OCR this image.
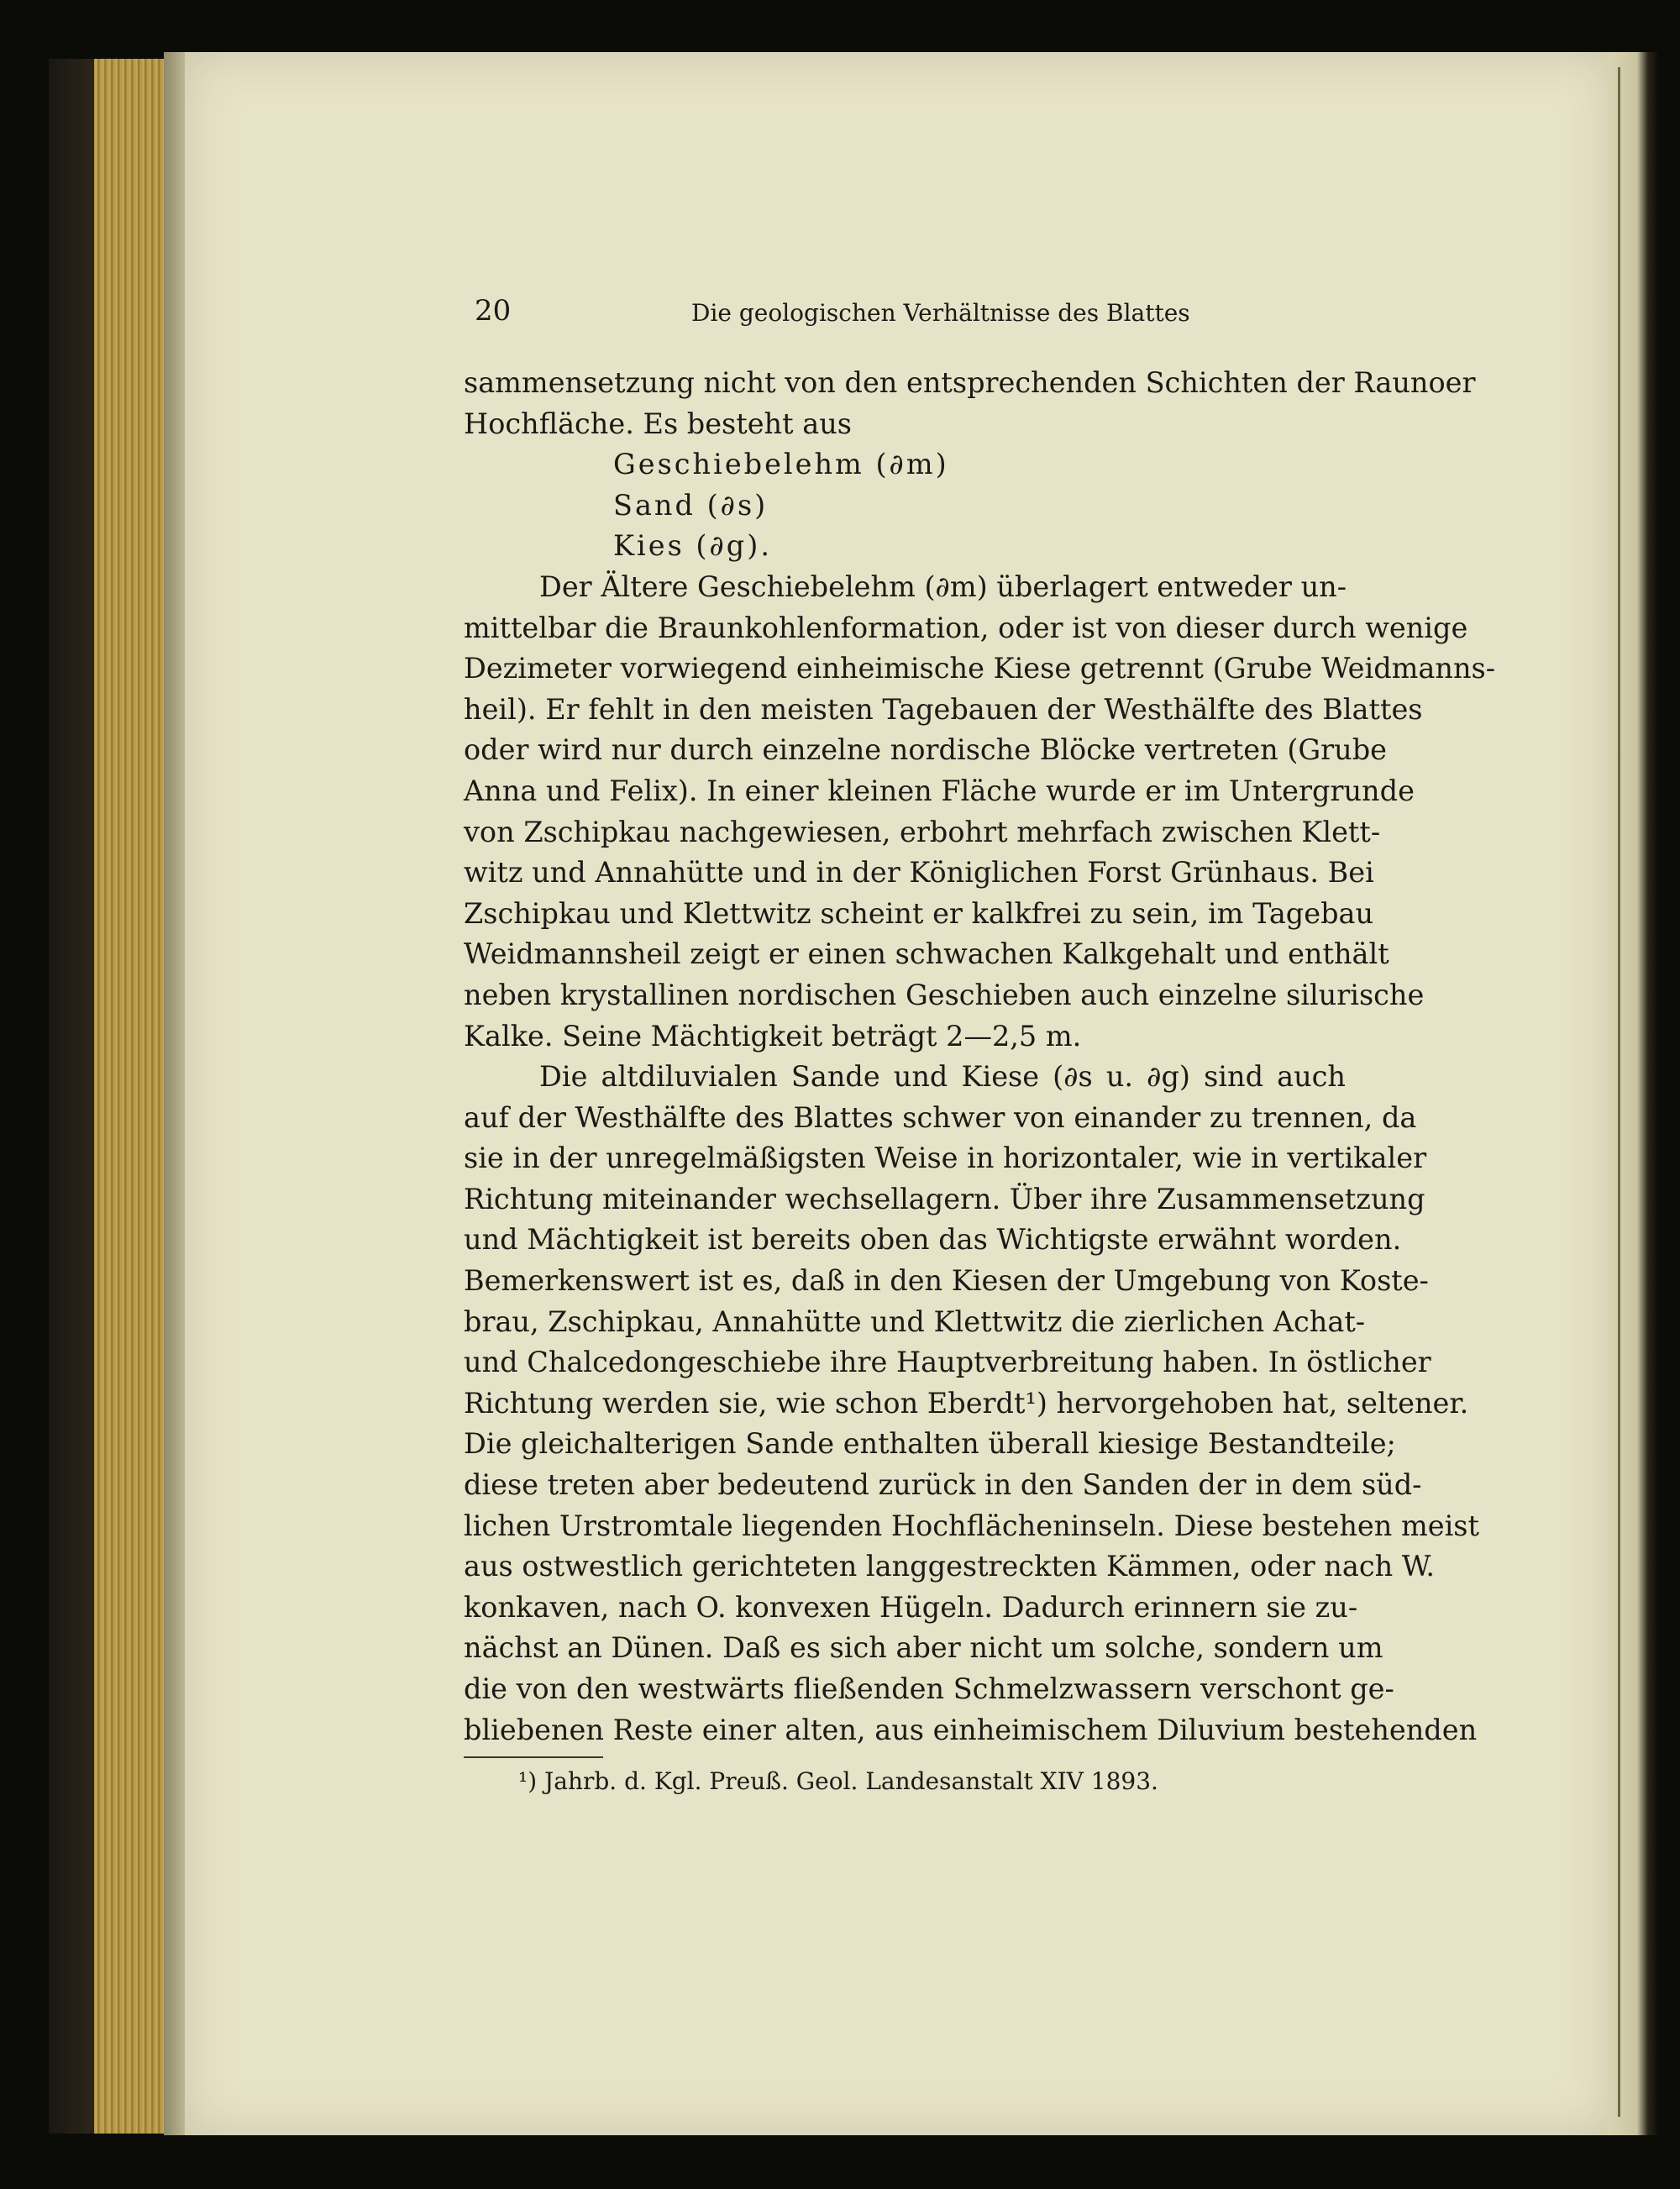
20	Die geologischen Verhältnisse des Blattes
sammensetzung nicht von den entsprechenden Schichten der Raunoer
Hochfläche. Es besteht aus
Geschiebelehm (∂m)
Sand (∂s)
Kies (∂g).
Der Ältere Geschiebelehm (∂m) überlagert entweder un-
mittelbar die Braunkohlenformation, oder ist von dieser durch wenige
Dezimeter vorwiegend einheimische Kiese getrennt (Grube Weidmanns-
heil). Er fehlt in den meisten Tagebauen der Westhälfte des Blattes
oder wird nur durch einzelne nordische Blöcke vertreten (Grube
Anna und Felix). In einer kleinen Fläche wurde er im Untergrunde
von Zschipkau nachgewiesen, erbohrt mehrfach zwischen Klett-
witz und Annahütte und in der Königlichen Forst Grünhaus. Bei
Zschipkau und Klettwitz scheint er kalkfrei zu sein, im Tagebau
Weidmannsheil zeigt er einen schwachen Kalkgehalt und enthält
neben krystallinen nordischen Geschieben auch einzelne silurische
Kalke. Seine Mächtigkeit beträgt 2—2,5 m.
Die altdiluvialen Sande und Kiese (∂s u. ∂g) sind auch
auf der Westhälfte des Blattes schwer von einander zu trennen, da
sie in der unregelmäßigsten Weise in horizontaler, wie in vertikaler
Richtung miteinander wechsellagern. Über ihre Zusammensetzung
und Mächtigkeit ist bereits oben das Wichtigste erwähnt worden.
Bemerkenswert ist es, daß in den Kiesen der Umgebung von Koste-
brau, Zschipkau, Annahütte und Klettwitz die zierlichen Achat-
und Chalcedongeschiebe ihre Hauptverbreitung haben. In östlicher
Richtung werden sie, wie schon Eberdt¹) hervorgehoben hat, seltener.
Die gleichalterigen Sande enthalten überall kiesige Bestandteile;
diese treten aber bedeutend zurück in den Sanden der in dem süd-
lichen Urstromtale liegenden Hochflächeninseln. Diese bestehen meist
aus ostwestlich gerichteten langgestreckten Kämmen, oder nach W.
konkaven, nach O. konvexen Hügeln. Dadurch erinnern sie zu-
nächst an Dünen. Daß es sich aber nicht um solche, sondern um
die von den westwärts fließenden Schmelzwassern verschont ge-
bliebenen Reste einer alten, aus einheimischem Diluvium bestehenden
¹) Jahrb. d. Kgl. Preuß. Geol. Landesanstalt XIV 1893.
